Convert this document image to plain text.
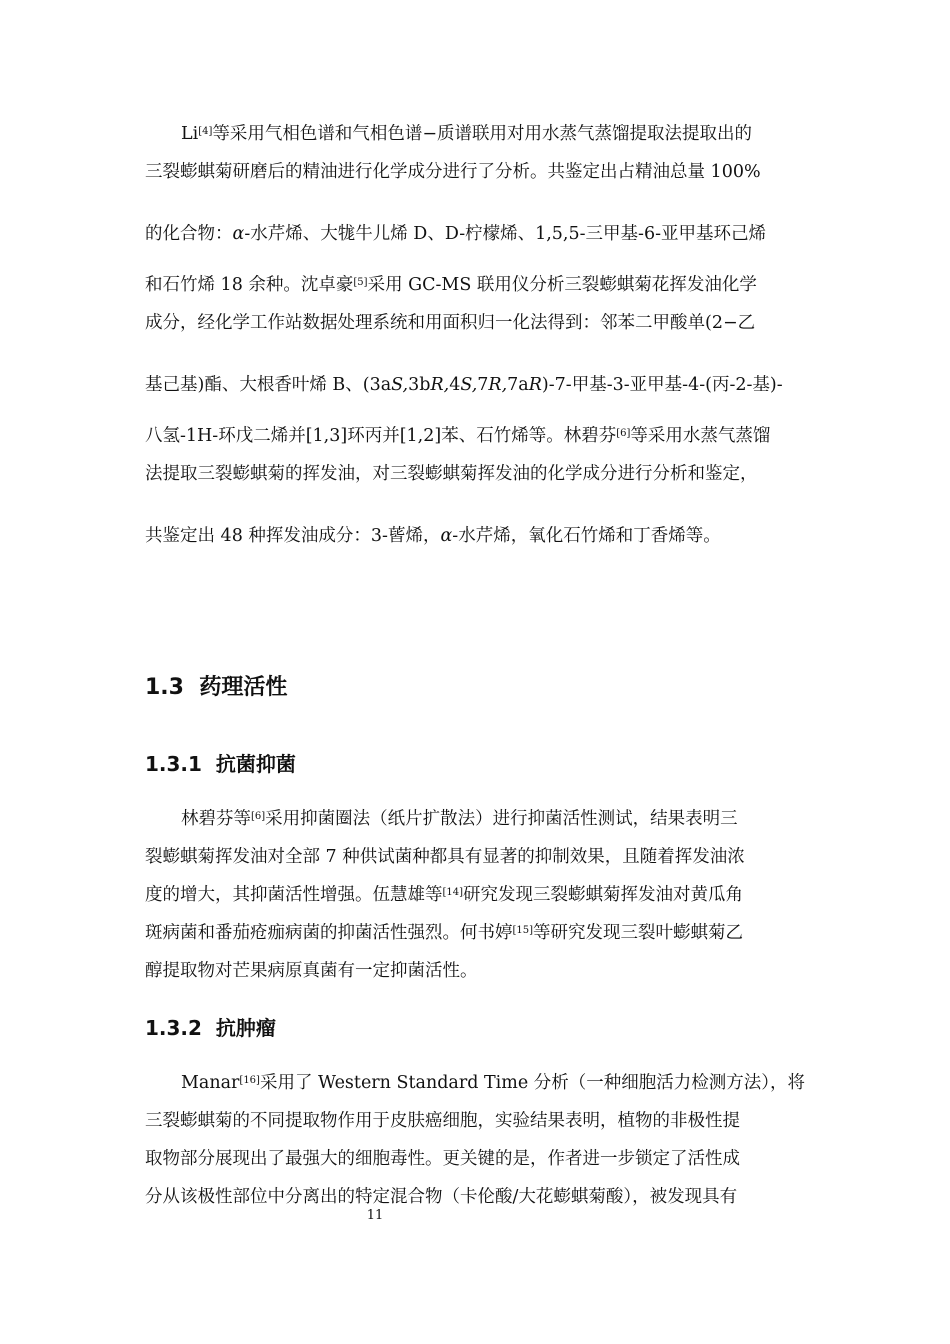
Li[4]等采用气相色谱和气相色谱−质谱联用对用水蒸气蒸馏提取法提取出的
三裂蟛蜞菊研磨后的精油进行化学成分进行了分析。共鉴定出占精油总量 100%
的化合物：α-水芹烯、大牻牛儿烯 D、D-柠檬烯、1,5,5-三甲基-6-亚甲基环己烯
和石竹烯 18 余种。沈卓豪[5]采用 GC-MS 联用仪分析三裂蟛蜞菊花挥发油化学
成分，经化学工作站数据处理系统和用面积归一化法得到：邻苯二甲酸单(2−乙
基己基)酯、大根香叶烯 B、(3aS,3bR,4S,7R,7aR)-7-甲基-3-亚甲基-4-(丙-2-基)-
八氢-1H-环戊二烯并[1,3]环丙并[1,2]苯、石竹烯等。林碧芬[6]等采用水蒸气蒸馏
法提取三裂蟛蜞菊的挥发油，对三裂蟛蜞菊挥发油的化学成分进行分析和鉴定，
共鉴定出 48 种挥发油成分：3-蒈烯，α-水芹烯，氧化石竹烯和丁香烯等。
1.3 药理活性
1.3.1 抗菌抑菌
林碧芬等[6]采用抑菌圈法（纸片扩散法）进行抑菌活性测试，结果表明三
裂蟛蜞菊挥发油对全部 7 种供试菌种都具有显著的抑制效果，且随着挥发油浓
度的增大，其抑菌活性增强。伍慧雄等[14]研究发现三裂蟛蜞菊挥发油对黄瓜角
斑病菌和番茄疮痂病菌的抑菌活性强烈。何书婷[15]等研究发现三裂叶蟛蜞菊乙
醇提取物对芒果病原真菌有一定抑菌活性。
1.3.2 抗肿瘤
Manar[16]采用了 Western Standard Time 分析（一种细胞活力检测方法），将
三裂蟛蜞菊的不同提取物作用于皮肤癌细胞，实验结果表明，植物的非极性提
取物部分展现出了最强大的细胞毒性。更关键的是，作者进一步锁定了活性成
分从该极性部位中分离出的特定混合物（卡伦酸/大花蟛蜞菊酸），被发现具有
11
